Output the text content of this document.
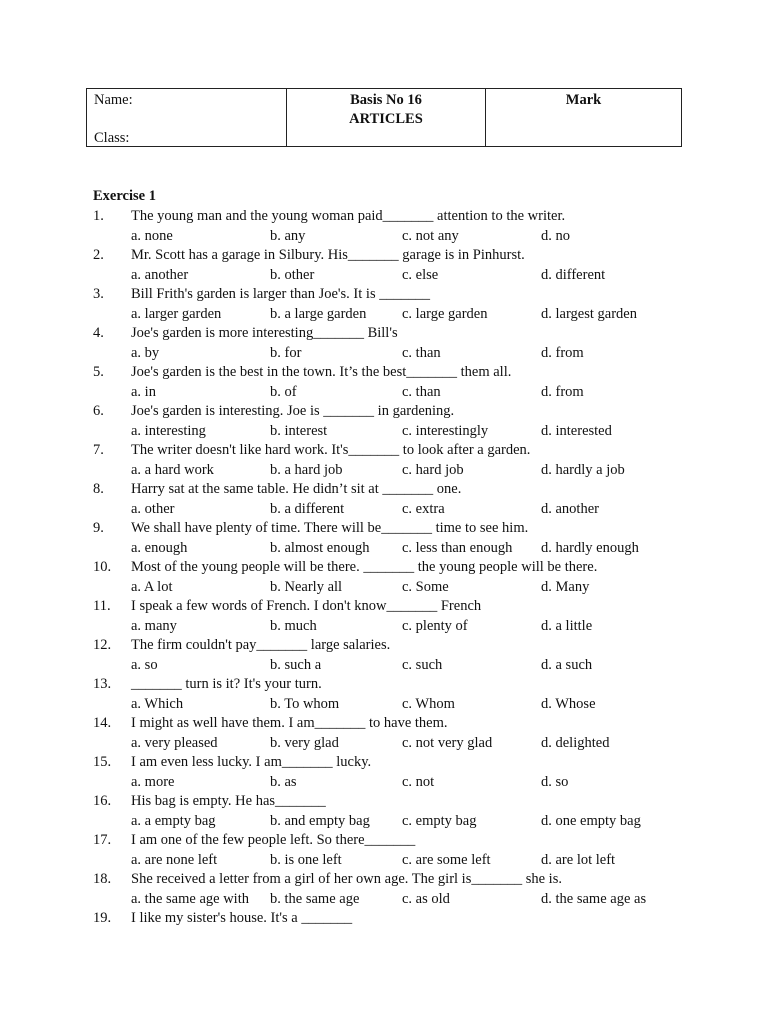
Name:
Class:
Basis No 16
ARTICLES
Mark
Exercise 1
1. The young man and the young woman paid_______ attention to the writer.
a. none	b. any	c. not any	d. no
2. Mr. Scott has a garage in Silbury. His_______ garage is in Pinhurst.
a. another	b. other	c. else	d. different
3. Bill Frith's garden is larger than Joe's. It is _______
a. larger garden	b. a large garden c. large garden	d. largest garden
4. Joe's garden is more interesting_______ Bill's
a. by	b. for	c. than	d. from
5. Joe's garden is the best in the town. It’s the best_______ them all.
a. in	b. of	c. than	d. from
6. Joe's garden is interesting. Joe is _______ in gardening.
a. interesting	b. interest	c. interestingly	d. interested
7. The writer doesn't like hard work. It's_______ to look after a garden.
a. a hard work	b. a hard job	c. hard job	d. hardly a job
8. Harry sat at the same table. He didn’t sit at _______ one.
a. other	b. a different	c. extra	d. another
9. We shall have plenty of time. There will be_______ time to see him.
a. enough	b. almost enough c. less than enough d. hardly enough
10. Most of the young people will be there. _______ the young people will be there.
a. A lot	b. Nearly all	c. Some	d. Many
11. I speak a few words of French. I don't know_______ French
a. many	b. much	c. plenty of	d. a little
12. The firm couldn't pay_______ large salaries.
a. so	b. such a	c. such	d. a such
13. _______ turn is it? It's your turn.
a. Which	b. To whom	c. Whom	d. Whose
14. I might as well have them. I am_______ to have them.
a. very pleased	b. very glad	c. not very glad	d. delighted
15. I am even less lucky. I am_______ lucky.
a. more	b. as	c. not	d. so
16. His bag is empty. He has_______
a. a empty bag	b. and empty bag c. empty bag	d. one empty bag
17. I am one of the few people left. So there_______
a. are none left	b. is one left	c. are some left	d. are lot left
18. She received a letter from a girl of her own age. The girl is_______ she is.
a. the same age with b. the same age	c. as old	d. the same age as
19. I like my sister's house. It's a _______
